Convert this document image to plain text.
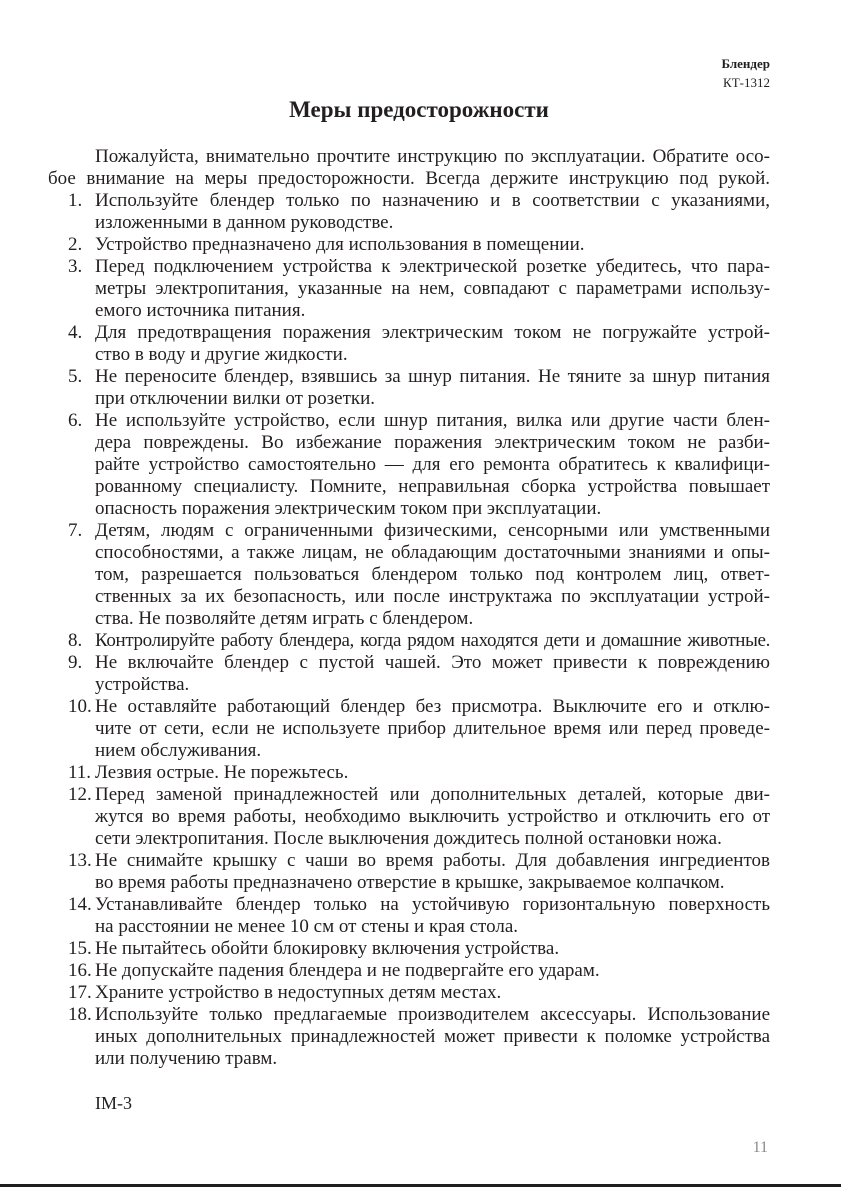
Блендер
КТ-1312
Меры предосторожности
Пожалуйста, внимательно прочтите инструкцию по эксплуатации. Обратите осо-
бое внимание на меры предосторожности. Всегда держите инструкцию под рукой.
1. Используйте блендер только по назначению и в соответствии с указаниями,
изложенными в данном руководстве.
2. Устройство предназначено для использования в помещении.
3. Перед подключением устройства к электрической розетке убедитесь, что пара-
метры электропитания, указанные на нем, совпадают с параметрами использу-
емого источника питания.
4. Для предотвращения поражения электрическим током не погружайте устрой-
ство в воду и другие жидкости.
5. Не переносите блендер, взявшись за шнур питания. Не тяните за шнур питания
при отключении вилки от розетки.
6. Не используйте устройство, если шнур питания, вилка или другие части блен-
дера повреждены. Во избежание поражения электрическим током не разби-
райте устройство самостоятельно — для его ремонта обратитесь к квалифици-
рованному специалисту. Помните, неправильная сборка устройства повышает
опасность поражения электрическим током при эксплуатации.
7. Детям, людям с ограниченными физическими, сенсорными или умственными
способностями, а также лицам, не обладающим достаточными знаниями и опы-
том, разрешается пользоваться блендером только под контролем лиц, ответ-
ственных за их безопасность, или после инструктажа по эксплуатации устрой-
ства. Не позволяйте детям играть с блендером.
8. Контролируйте работу блендера, когда рядом находятся дети и домашние животные.
9. Не включайте блендер с пустой чашей. Это может привести к повреждению
устройства.
10. Не оставляйте работающий блендер без присмотра. Выключите его и отклю-
чите от сети, если не используете прибор длительное время или перед проведе-
нием обслуживания.
11. Лезвия острые. Не порежьтесь.
12. Перед заменой принадлежностей или дополнительных деталей, которые дви-
жутся во время работы, необходимо выключить устройство и отключить его от
сети электропитания. После выключения дождитесь полной остановки ножа.
13. Не снимайте крышку с чаши во время работы. Для добавления ингредиентов
во время работы предназначено отверстие в крышке, закрываемое колпачком.
14. Устанавливайте блендер только на устойчивую горизонтальную поверхность
на расстоянии не менее 10 см от стены и края стола.
15. Не пытайтесь обойти блокировку включения устройства.
16. Не допускайте падения блендера и не подвергайте его ударам.
17. Храните устройство в недоступных детям местах.
18. Используйте только предлагаемые производителем аксессуары. Использование
иных дополнительных принадлежностей может привести к поломке устройства
или получению травм.
IM-3
11
